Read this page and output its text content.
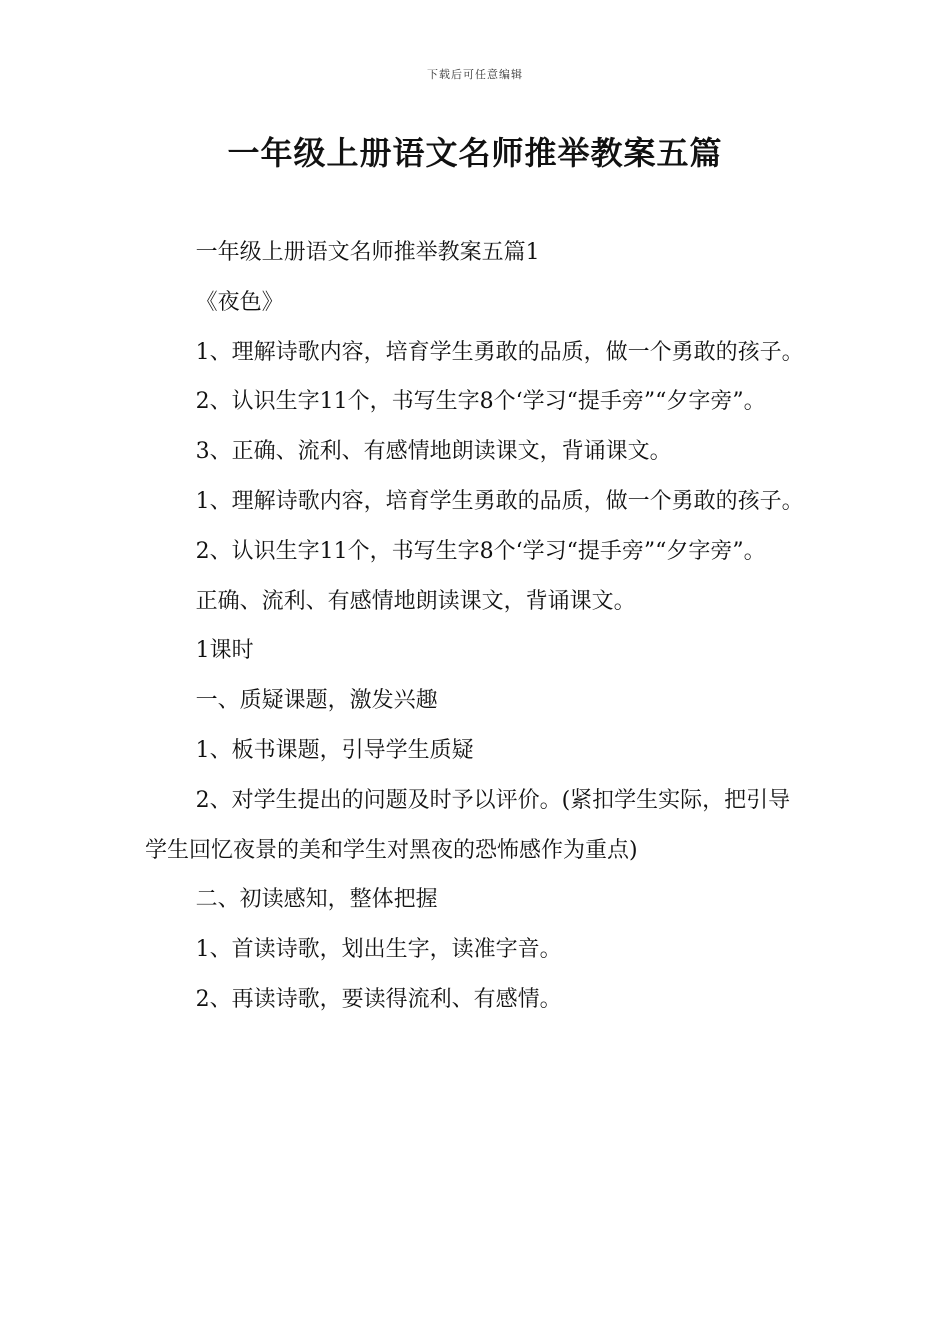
下载后可任意编辑
一年级上册语文名师推举教案五篇

一年级上册语文名师推举教案五篇1

《夜色》

1、理解诗歌内容，培育学生勇敢的品质，做一个勇敢的孩子。

2、认识生字11个，书写生字8个‘学习“提手旁”“夕字旁”。

3、正确、流利、有感情地朗读课文，背诵课文。

1、理解诗歌内容，培育学生勇敢的品质，做一个勇敢的孩子。

2、认识生字11个，书写生字8个‘学习“提手旁”“夕字旁”。

正确、流利、有感情地朗读课文，背诵课文。

1课时

一、质疑课题，激发兴趣

1、板书课题，引导学生质疑

2、对学生提出的问题及时予以评价。(紧扣学生实际，把引导学生回忆夜景的美和学生对黑夜的恐怖感作为重点)

二、初读感知，整体把握

1、首读诗歌，划出生字，读准字音。

2、再读诗歌，要读得流利、有感情。
